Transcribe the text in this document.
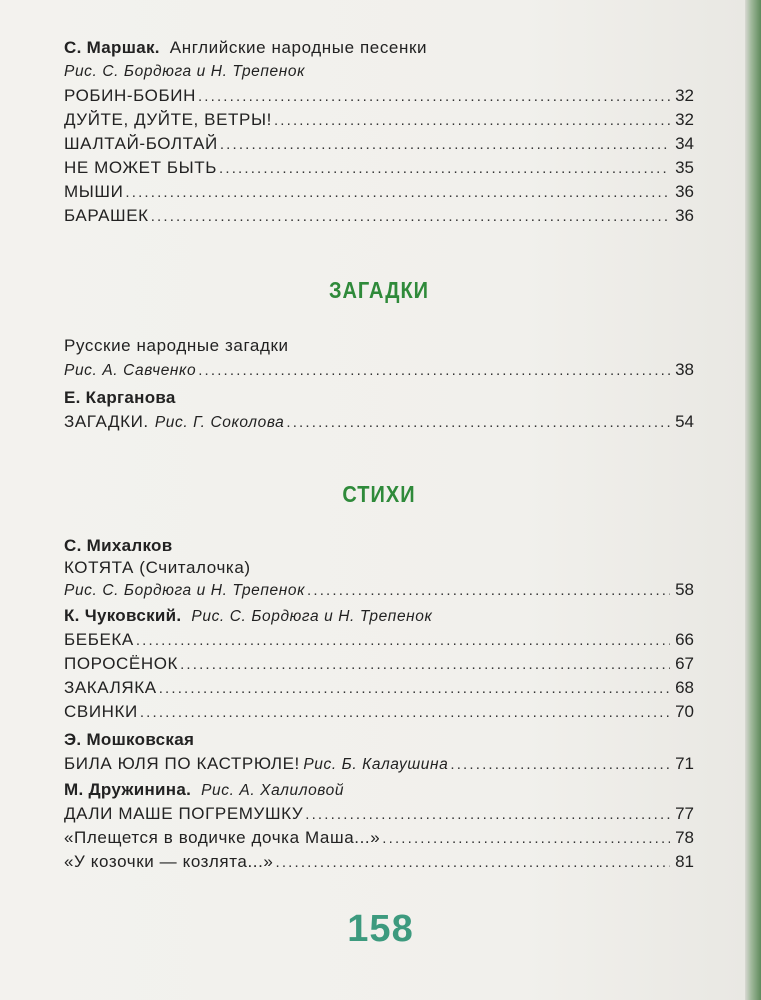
С. Маршак. Английские народные песенки
Рис. С. Бордюга и Н. Трепенок
РОБИН-БОБИН . . .	32
ДУЙТЕ, ДУЙТЕ, ВЕТРЫ! . . .	32
ШАЛТАЙ-БОЛТАЙ . . .	34
НЕ МОЖЕТ БЫТЬ . . .	35
МЫШИ . . .	36
БАРАШЕК . . .	36
ЗАГАДКИ
Русские народные загадки
Рис. А. Савченко . . .	38
Е. Карганова
ЗАГАДКИ. Рис. Г. Соколова . . .	54
СТИХИ
С. Михалков
КОТЯТА (Считалочка)
Рис. С. Бордюга и Н. Трепенок . . .	58
К. Чуковский. Рис. С. Бордюга и Н. Трепенок
БЕБЕКА . . .	66
ПОРОСЁНОК . . .	67
ЗАКАЛЯКА . . .	68
СВИНКИ . . .	70
Э. Мошковская
БИЛА ЮЛЯ ПО КАСТРЮЛЕ! Рис. Б. Калаушина . . .	71
М. Дружинина. Рис. А. Халиловой
ДАЛИ МАШЕ ПОГРЕМУШКУ . . .	77
«Плещется в водичке дочка Маша...» . . .	78
«У козочки — козлята...» . . .	81
158
